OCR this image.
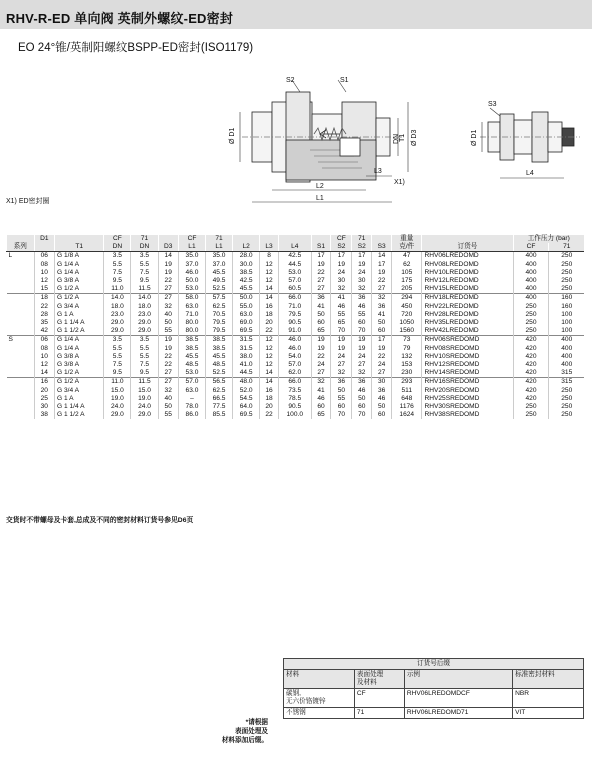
RHV-R-ED 单向阀 英制外螺纹-ED密封
EO 24°锥/英制阳螺纹BSPP-ED密封(ISO1179)
S2	S1
Ø D1	DN T1 Ø D3
X1)
L2
L3
L1
Ø D1
S3
L4
X1) ED密封圈
	D1		CF	71		CF	71					CF	71		重量		工作压力 (bar)	
系列		T1	DN	DN	D3	L1	L1	L2	L3	L4	S1	S2	S2	S3	克/件	订货号	CF	71
L	06	G 1/8 A	3.5	3.5	14	35.0	35.0	28.0	8	42.5	17	17	17	14	47	RHV06LREDOMD	400	250
	08	G 1/4 A	5.5	5.5	19	37.0	37.0	30.0	12	44.5	19	19	19	17	62	RHV08LREDOMD	400	250
	10	G 1/4 A	7.5	7.5	19	46.0	45.5	38.5	12	53.0	22	24	24	19	105	RHV10LREDOMD	400	250
	12	G 3/8 A	9.5	9.5	22	50.0	49.5	42.5	12	57.0	27	30	30	22	175	RHV12LREDOMD	400	250
	15	G 1/2 A	11.0	11.5	27	53.0	52.5	45.5	14	60.5	27	32	32	27	205	RHV15LREDOMD	400	250
	18	G 1/2 A	14.0	14.0	27	58.0	57.5	50.0	14	66.0	36	41	36	32	294	RHV18LREDOMD	400	160
	22	G 3/4 A	18.0	18.0	32	63.0	62.5	55.0	16	71.0	41	46	46	36	450	RHV22LREDOMD	250	160
	28	G 1 A	23.0	23.0	40	71.0	70.5	63.0	18	79.5	50	55	55	41	720	RHV28LREDOMD	250	100
	35	G 1 1/4 A	29.0	29.0	50	80.0	79.5	69.0	20	90.5	60	65	60	50	1050	RHV35LREDOMD	250	100
	42	G 1 1/2 A	29.0	29.0	55	80.0	79.5	69.5	22	91.0	65	70	70	60	1560	RHV42LREDOMD	250	100
S	06	G 1/4 A	3.5	3.5	19	38.5	38.5	31.5	12	46.0	19	19	19	17	73	RHV06SREDOMD	420	400
	08	G 1/4 A	5.5	5.5	19	38.5	38.5	31.5	12	46.0	19	19	19	19	79	RHV08SREDOMD	420	400
	10	G 3/8 A	5.5	5.5	22	45.5	45.5	38.0	12	54.0	22	24	24	22	132	RHV10SREDOMD	420	400
	12	G 3/8 A	7.5	7.5	22	48.5	48.5	41.0	12	57.0	24	27	27	24	153	RHV12SREDOMD	420	400
	14	G 1/2 A	9.5	9.5	27	53.0	52.5	44.5	14	62.0	27	32	32	27	230	RHV14SREDOMD	420	315
	16	G 1/2 A	11.0	11.5	27	57.0	56.5	48.0	14	66.0	32	36	36	30	293	RHV16SREDOMD	420	315
	20	G 3/4 A	15.0	15.0	32	63.0	62.5	52.0	16	73.5	41	50	46	36	511	RHV20SREDOMD	420	250
	25	G 1 A	19.0	19.0	40	–	66.5	54.5	18	78.5	46	55	50	46	648	RHV25SREDOMD	420	250
	30	G 1 1/4 A	24.0	24.0	50	78.0	77.5	64.0	20	90.5	60	60	60	50	1176	RHV30SREDOMD	250	250
	38	G 1 1/2 A	29.0	29.0	55	86.0	85.5	69.5	22	100.0	65	70	70	60	1624	RHV38SREDOMD	250	250
交货时不带螺母及卡套,总成及不同的密封材料订货号参见D6页
*请根据
表面处理及
材料添加后缀。
订货号后缀			
材料	表面处理
及材料	示例	标准密封材料
碳钢,
无六价铬镀锌	CF	RHV06LREDOMDCF	NBR
不锈钢	71	RHV06LREDOMD71	VIT
